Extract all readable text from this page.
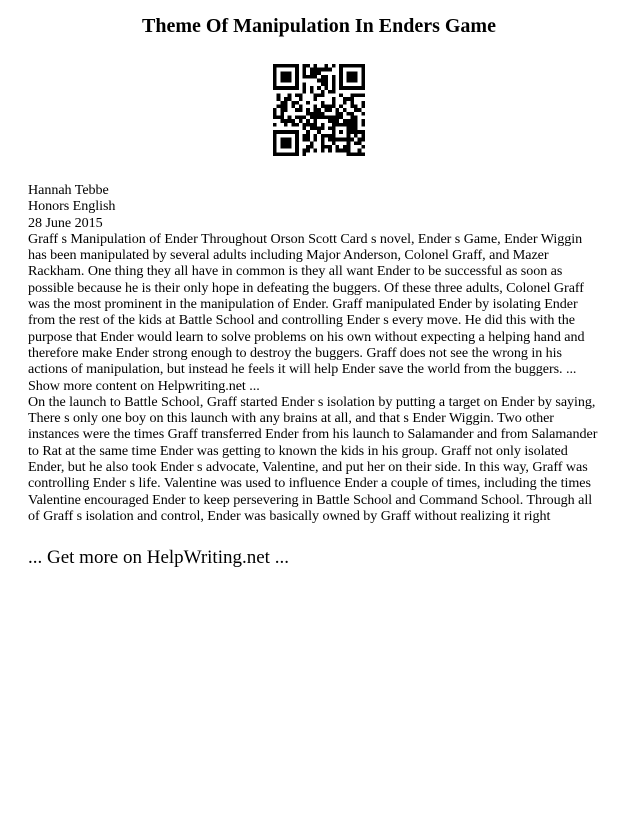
Theme Of Manipulation In Enders Game
Hannah Tebbe
Honors English
28 June 2015
Graff s Manipulation of Ender Throughout Orson Scott Card s novel, Ender s Game, Ender Wiggin
has been manipulated by several adults including Major Anderson, Colonel Graff, and Mazer
Rackham. One thing they all have in common is they all want Ender to be successful as soon as
possible because he is their only hope in defeating the buggers. Of these three adults, Colonel Graff
was the most prominent in the manipulation of Ender. Graff manipulated Ender by isolating Ender
from the rest of the kids at Battle School and controlling Ender s every move. He did this with the
purpose that Ender would learn to solve problems on his own without expecting a helping hand and
therefore make Ender strong enough to destroy the buggers. Graff does not see the wrong in his
actions of manipulation, but instead he feels it will help Ender save the world from the buggers. ...
Show more content on Helpwriting.net ...
On the launch to Battle School, Graff started Ender s isolation by putting a target on Ender by saying,
There s only one boy on this launch with any brains at all, and that s Ender Wiggin. Two other
instances were the times Graff transferred Ender from his launch to Salamander and from Salamander
to Rat at the same time Ender was getting to known the kids in his group. Graff not only isolated
Ender, but he also took Ender s advocate, Valentine, and put her on their side. In this way, Graff was
controlling Ender s life. Valentine was used to influence Ender a couple of times, including the times
Valentine encouraged Ender to keep persevering in Battle School and Command School. Through all
of Graff s isolation and control, Ender was basically owned by Graff without realizing it right
... Get more on HelpWriting.net ...
